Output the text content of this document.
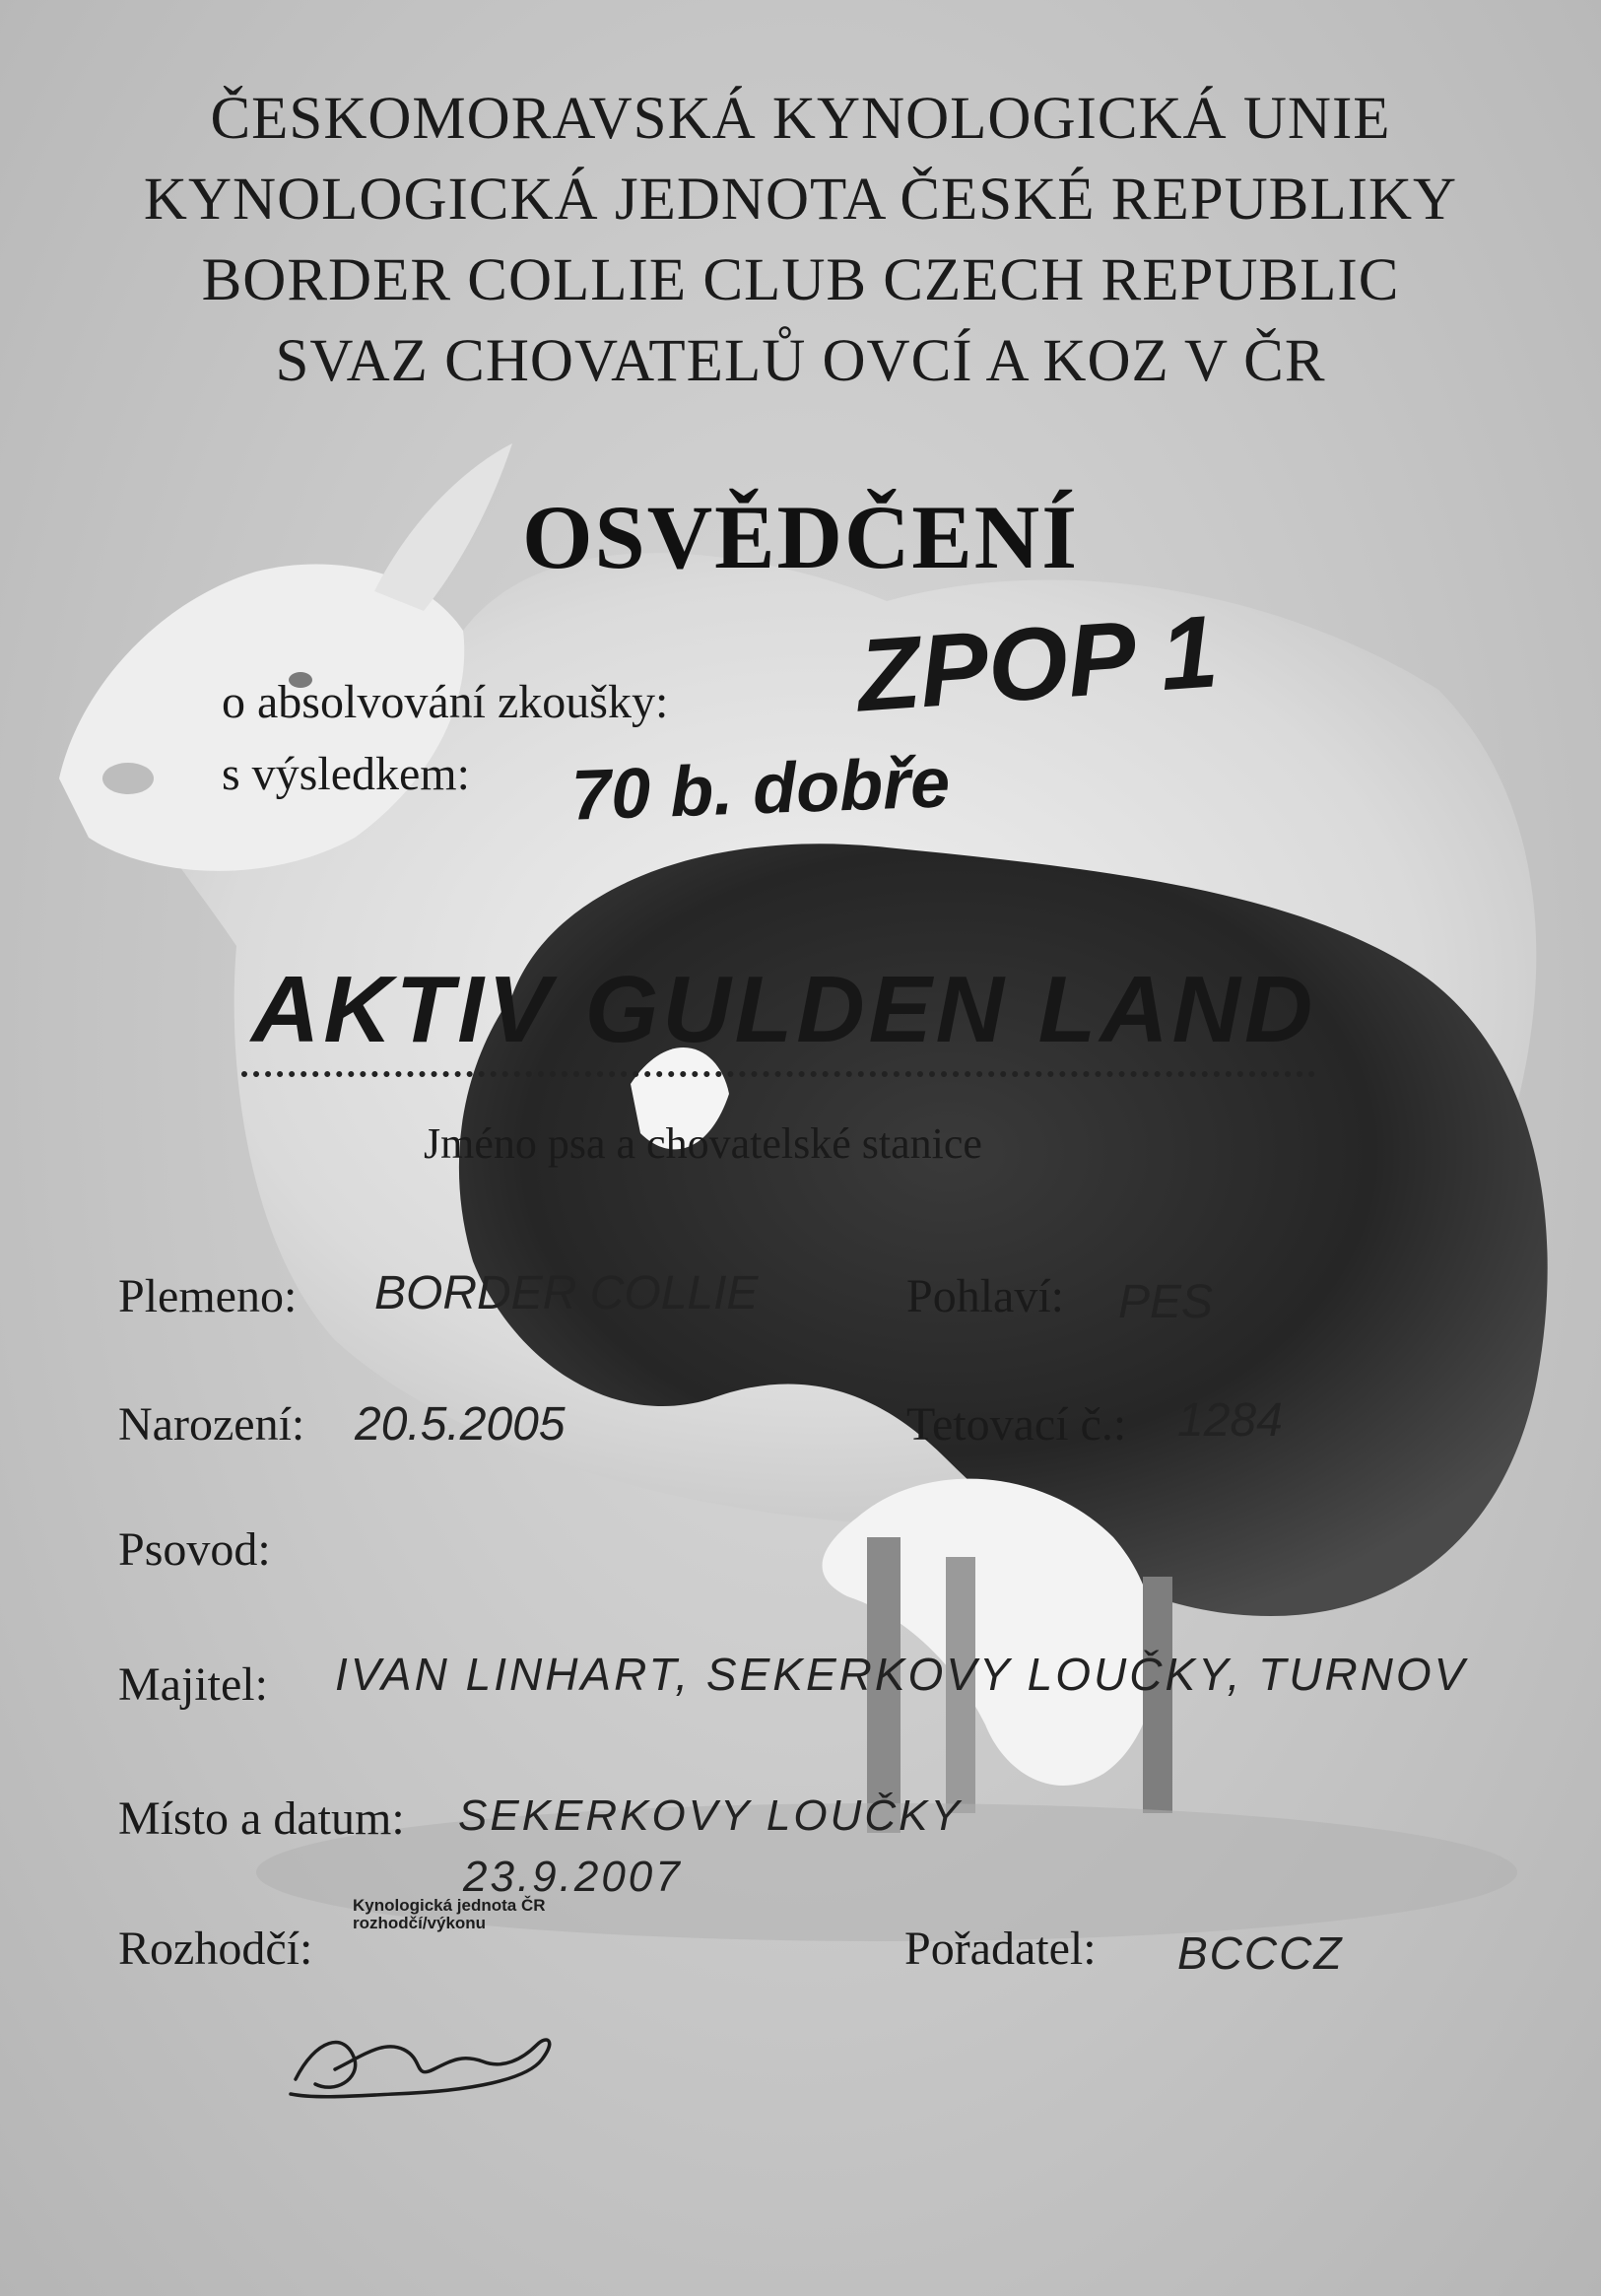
ČESKOMORAVSKÁ KYNOLOGICKÁ UNIE
KYNOLOGICKÁ JEDNOTA ČESKÉ REPUBLIKY
BORDER COLLIE CLUB CZECH REPUBLIC
SVAZ CHOVATELŮ OVCÍ A KOZ V ČR
OSVĚDČENÍ
o absolvování zkoušky: ZPOP 1
s výsledkem: 70 b. dobře
AKTIV GULDEN LAND
Jméno psa a chovatelské stanice
Plemeno: BORDER COLLIE	Pohlaví: PES
Narození: 20.5.2005	Tetovací č.: 1284
Psovod:
Majitel: IVAN LINHART, SEKERKOVY LOUČKY, TURNOV
Místo a datum: SEKERKOVY LOUČKY
23.9.2007
Rozhodčí:
Kynologická jednota ČR
rozhodčí/výkonu	Pořadatel: BCCCZ
